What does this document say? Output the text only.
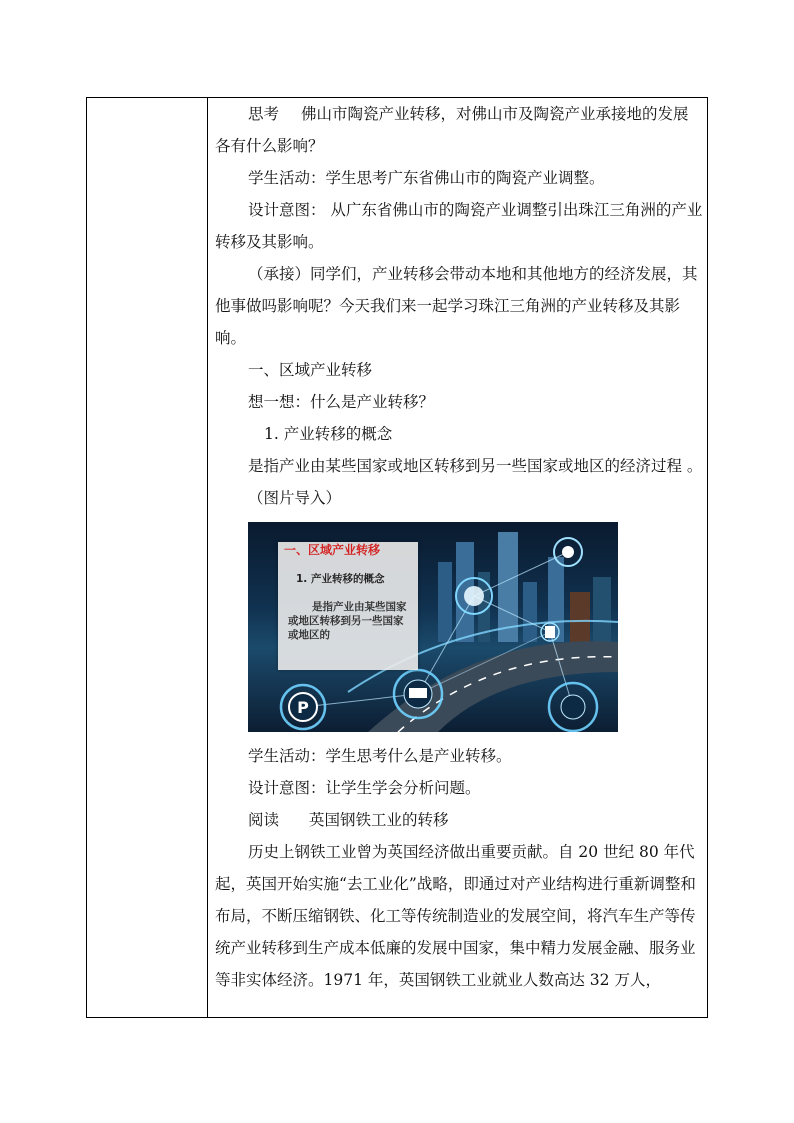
思考 佛山市陶瓷产业转移，对佛山市及陶瓷产业承接地的发展各有什么影响？

学生活动：学生思考广东省佛山市的陶瓷产业调整。

设计意图： 从广东省佛山市的陶瓷产业调整引出珠江三角洲的产业转移及其影响。

（承接）同学们，产业转移会带动本地和其他地方的经济发展，其他事做吗影响呢？今天我们来一起学习珠江三角洲的产业转移及其影响。

一、区域产业转移

想一想：什么是产业转移？

1. 产业转移的概念

是指产业由某些国家或地区转移到另一些国家或地区的经济过程 。

（图片导入）

P
一、区域产业转移
1. 产业转移的概念
是指产业由某些国家或地区转移到另一些国家或地区的

学生活动：学生思考什么是产业转移。

设计意图：让学生学会分析问题。

阅读 英国钢铁工业的转移

历史上钢铁工业曾为英国经济做出重要贡献。自 20 世纪 80 年代起，英国开始实施“去工业化”战略，即通过对产业结构进行重新调整和布局，不断压缩钢铁、化工等传统制造业的发展空间，将汽车生产等传统产业转移到生产成本低廉的发展中国家，集中精力发展金融、服务业等非实体经济。1971 年，英国钢铁工业就业人数高达 32 万人，
